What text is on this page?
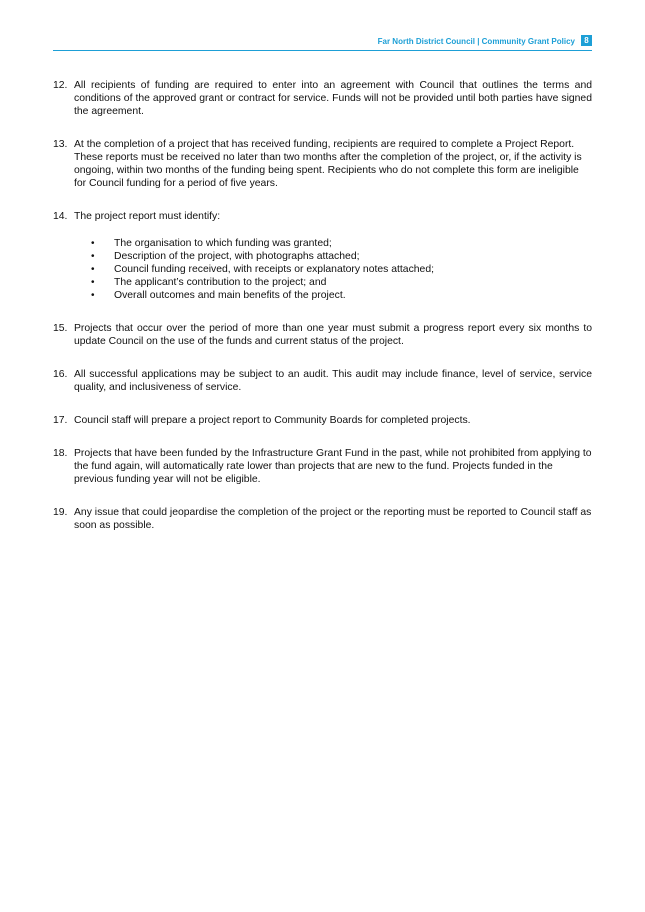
Far North District Council | Community Grant Policy 8
12. All recipients of funding are required to enter into an agreement with Council that outlines the terms and conditions of the approved grant or contract for service. Funds will not be provided until both parties have signed the agreement.
13. At the completion of a project that has received funding, recipients are required to complete a Project Report. These reports must be received no later than two months after the completion of the project, or, if the activity is ongoing, within two months of the funding being spent. Recipients who do not complete this form are ineligible for Council funding for a period of five years.
14. The project report must identify:
• The organisation to which funding was granted;
• Description of the project, with photographs attached;
• Council funding received, with receipts or explanatory notes attached;
• The applicant’s contribution to the project; and
• Overall outcomes and main benefits of the project.
15. Projects that occur over the period of more than one year must submit a progress report every six months to update Council on the use of the funds and current status of the project.
16. All successful applications may be subject to an audit. This audit may include finance, level of service, service quality, and inclusiveness of service.
17. Council staff will prepare a project report to Community Boards for completed projects.
18. Projects that have been funded by the Infrastructure Grant Fund in the past, while not prohibited from applying to the fund again, will automatically rate lower than projects that are new to the fund. Projects funded in the previous funding year will not be eligible.
19. Any issue that could jeopardise the completion of the project or the reporting must be reported to Council staff as soon as possible.
